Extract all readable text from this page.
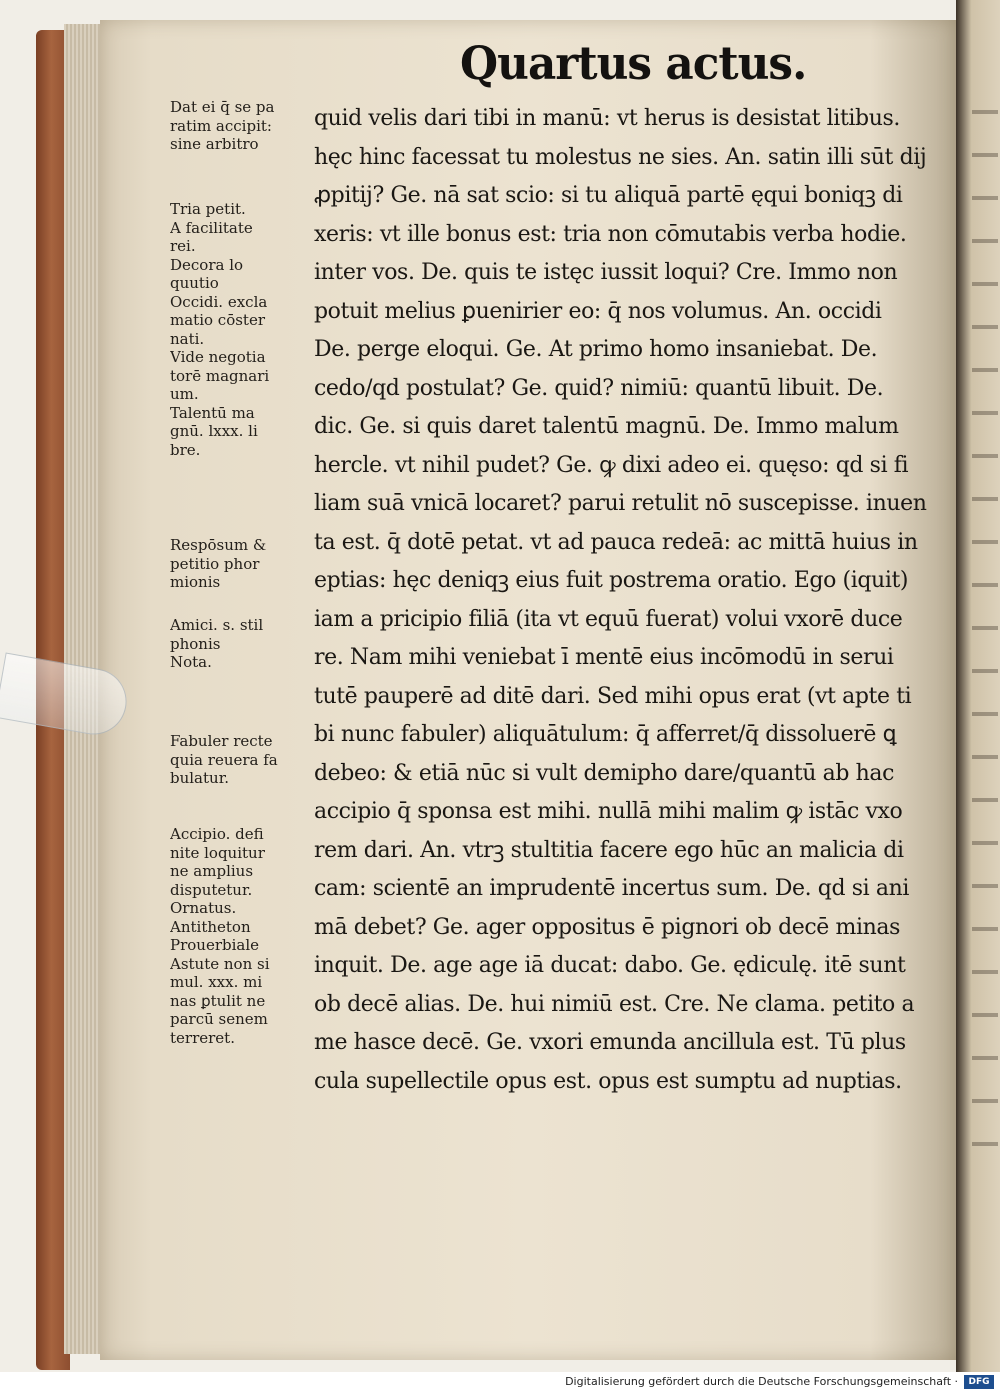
Quartus actus.
quid velis dari tibi in manū: vt herus is desistat litibus.
hęc hinc facessat tu molestus ne sies. An. satin illi sūt dij
ꝓpitij? Ge. nā sat scio: si tu aliquā partē ęqui boniqꝫ di
xeris: vt ille bonus est: tria non cōmutabis verba hodie.
inter vos. De. quis te istęc iussit loqui? Cre. Immo non
potuit melius ꝑuenirier eo: q̄ nos volumus. An. occidi
De. perge eloqui. Ge. At primo homo insaniebat. De.
cedo/qd postulat? Ge. quid? nimiū: quantū libuit. De.
dic. Ge. si quis daret talentū magnū. De. Immo malum
hercle. vt nihil pudet? Ge. ꝙ dixi adeo ei. quęso: qd si fi
liam suā vnicā locaret? parui retulit nō suscepisse. inuen
ta est. q̄ dotē petat. vt ad pauca redeā: ac mittā huius in
eptias: hęc deniqꝫ eius fuit postrema oratio. Ego (iquit)
iam a pricipio filiā (ita vt equū fuerat) volui vxorē duce
re. Nam mihi veniebat ī mentē eius incōmodū in serui
tutē pauperē ad ditē dari. Sed mihi opus erat (vt apte ti
bi nunc fabuler) aliquātulum: q̄ afferret/q̄ dissoluerē ꝗ
debeo: & etiā nūc si vult demipho dare/quantū ab hac
accipio q̄ sponsa est mihi. nullā mihi malim ꝙ istāc vxo
rem dari. An. vtrꝫ stultitia facere ego hūc an malicia di
cam: scientē an imprudentē incertus sum. De. qd si ani
mā debet? Ge. ager oppositus ē pignori ob decē minas
inquit. De. age age iā ducat: dabo. Ge. ędiculę. itē sunt
ob decē alias. De. hui nimiū est. Cre. Ne clama. petito a
me hasce decē. Ge. vxori emunda ancillula est. Tū plus
cula supellectile opus est. opus est sumptu ad nuptias.
Dat ei q̄ se pa
ratim accipit:
sine arbitro
Tria petit.
A facilitate
rei.
Decora lo
quutio
Occidi. excla
matio cōster
nati.
Vide negotia
torē magnari
um.
Talentū ma
gnū. lxxx. li
bre.
Respōsum &
petitio phor
mionis
Amici. s. stil
phonis
Nota.
Fabuler recte
quia reuera fa
bulatur.
Accipio. defi
nite loquitur
ne amplius
disputetur.
Ornatus.
Antitheton
Prouerbiale
Astute non si
mul. xxx. mi
nas ꝑtulit ne
parcū senem
terreret.
Digitalisierung gefördert durch die Deutsche Forschungsgemeinschaft ·	DFG
